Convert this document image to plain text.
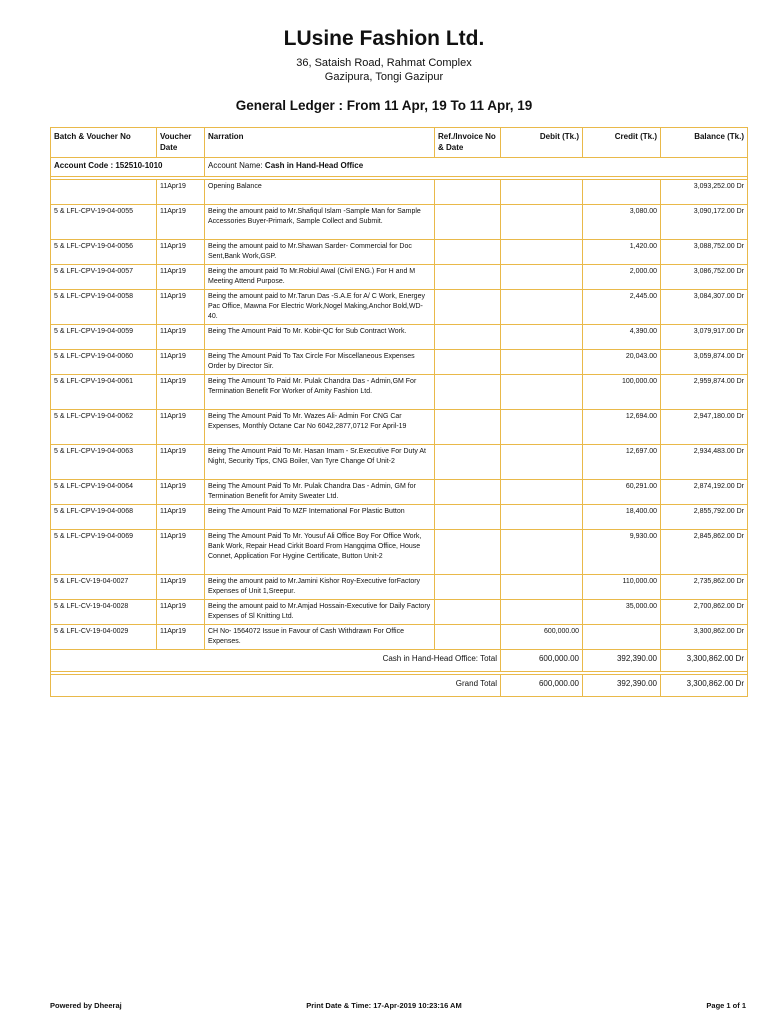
LUsine Fashion Ltd.
36, Sataish Road, Rahmat Complex
Gazipura, Tongi Gazipur
General Ledger : From 11 Apr, 19 To 11 Apr, 19
Batch & Voucher No	Voucher Date	Narration	Ref./Invoice No & Date	Debit (Tk.)	Credit (Tk.)	Balance (Tk.)
Account Code : 152510-1010		Account Name: Cash in Hand-Head Office				

	11Apr19	Opening Balance				3,093,252.00 Dr
5 & LFL-CPV-19-04-0055	11Apr19	Being the amount paid to Mr.Shafiqul Islam -Sample Man for Sample Accessories Buyer-Primark, Sample Collect and Submit.			3,080.00	3,090,172.00 Dr
5 & LFL-CPV-19-04-0056	11Apr19	Being the amount paid to Mr.Shawan Sarder- Commercial for Doc Sent,Bank Work,GSP.			1,420.00	3,088,752.00 Dr
5 & LFL-CPV-19-04-0057	11Apr19	Being the amount paid To Mr.Robiul Awal (Civil ENG.) For H and M Meeting Attend Purpose.			2,000.00	3,086,752.00 Dr
5 & LFL-CPV-19-04-0058	11Apr19	Being the amount paid to Mr.Tarun Das -S.A.E for A/ C Work, Energey Pac Office, Mawna For Electric Work,Nogel Making,Anchor Bold,WD-40.			2,445.00	3,084,307.00 Dr
5 & LFL-CPV-19-04-0059	11Apr19	Being The Amount Paid To Mr. Kobir-QC for Sub Contract Work.			4,390.00	3,079,917.00 Dr
5 & LFL-CPV-19-04-0060	11Apr19	Being The Amount Paid To Tax Circle For Miscellaneous Expenses Order by Director Sir.			20,043.00	3,059,874.00 Dr
5 & LFL-CPV-19-04-0061	11Apr19	Being The Amount To Paid Mr. Pulak Chandra Das - Admin,GM For Termination Benefit For Worker of Amity Fashion Ltd.			100,000.00	2,959,874.00 Dr
5 & LFL-CPV-19-04-0062	11Apr19	Being The Amount Paid To Mr. Wazes Ali- Admin For CNG Car Expenses, Monthly Octane Car No 6042,2877,0712 For April-19			12,694.00	2,947,180.00 Dr
5 & LFL-CPV-19-04-0063	11Apr19	Being The Amount Paid To Mr. Hasan Imam - Sr.Executive For Duty At Night, Security Tips, CNG Boiler, Van Tyre Change Of Unit-2			12,697.00	2,934,483.00 Dr
5 & LFL-CPV-19-04-0064	11Apr19	Being The Amount Paid To Mr. Pulak Chandra Das - Admin, GM for Termination Benefit for Amity Sweater Ltd.			60,291.00	2,874,192.00 Dr
5 & LFL-CPV-19-04-0068	11Apr19	Being The Amount Paid To MZF International For Plastic Button			18,400.00	2,855,792.00 Dr
5 & LFL-CPV-19-04-0069	11Apr19	Being The Amount Paid To Mr. Yousuf Ali Office Boy For Office Work, Bank Work, Repair Head Cirkit Board From Hangqima Office, House Connet, Application For Hygine Certificate, Button Unit-2			9,930.00	2,845,862.00 Dr
5 & LFL-CV-19-04-0027	11Apr19	Being the amount paid to Mr.Jamini Kishor Roy-Executive forFactory Expenses of Unit 1,Sreepur.			110,000.00	2,735,862.00 Dr
5 & LFL-CV-19-04-0028	11Apr19	Being the amount paid to Mr.Amjad Hossain-Executive for Daily Factory Expenses of Sl Knitting Ltd.			35,000.00	2,700,862.00 Dr
5 & LFL-CV-19-04-0029	11Apr19	CH No- 1564072 Issue in Favour of Cash Withdrawn For Office Expenses.		600,000.00		3,300,862.00 Dr
Cash in Hand-Head Office: Total				600,000.00	392,390.00	3,300,862.00 Dr

Grand Total				600,000.00	392,390.00	3,300,862.00 Dr
Powered by Dheeraj	Print Date & Time: 17-Apr-2019 10:23:16 AM	Page 1 of 1
